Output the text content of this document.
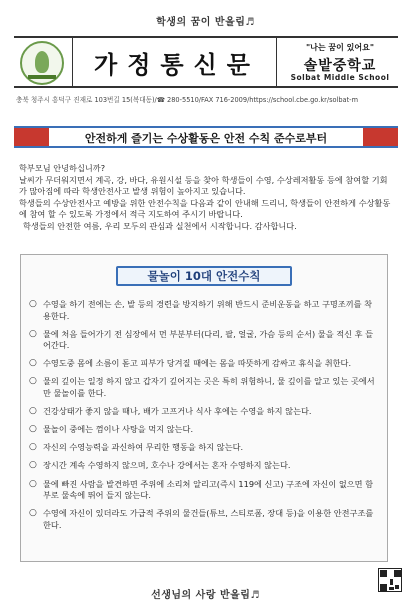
학생의 꿈이 반올림♬
가정통신문
"나는 꿈이 있어요"
솔밭중학교
Solbat Middle School
충북 청주시 흥덕구 진재로 103번길 15(복대동)/☎ 280-5510/FAX 716-2009/https://school.cbe.go.kr/solbat-m
안전하게 즐기는 수상활동은 안전 수칙 준수로부터

학부모님 안녕하십니까?

날씨가 무더워지면서 계곡, 강, 바다, 유원시설 등을 찾아 학생들이 수영, 수상레저활동 등에 참여할 기회가 많아짐에 따라 학생안전사고 발생 위험이 높아지고 있습니다.

학생들의 수상안전사고 예방을 위한 안전수칙을 다음과 같이 안내해 드리니, 학생들이 안전하게 수상활동에 참여 할 수 있도록 가정에서 적극 지도하여 주시기 바랍니다.

학생들의 안전한 여름, 우리 모두의 관심과 실천에서 시작합니다. 감사합니다.

물놀이 10대 안전수칙
○ 수영을 하기 전에는 손, 발 등의 경련을 방지하기 위해 반드시 준비운동을 하고 구명조끼를 착용한다.
○ 물에 처음 들어가기 전 심장에서 먼 부분부터(다리, 팔, 얼굴, 가슴 등의 순서) 물을 적신 후 들어간다.
○ 수영도중 몸에 소름이 돋고 피부가 당겨질 때에는 몸을 따뜻하게 감싸고 휴식을 취한다.
○ 물의 깊이는 일정 하지 않고 갑자기 깊어지는 곳은 특히 위험하니, 물 깊이를 알고 있는 곳에서만 물놀이를 한다.
○ 건강상태가 좋지 않을 때나, 배가 고프거나 식사 후에는 수영을 하지 않는다.
○ 물놀이 중에는 껌이나 사탕을 먹지 않는다.
○ 자신의 수영능력을 과신하여 무리한 행동을 하지 않는다.
○ 장시간 계속 수영하지 않으며, 호수나 강에서는 혼자 수영하지 않는다.
○ 물에 빠진 사람을 발견하면 주위에 소리쳐 알리고(즉시 119에 신고) 구조에 자신이 없으면 함부로 물속에 뛰어 들지 않는다.
○ 수영에 자신이 있더라도 가급적 주위의 물건들(튜브, 스티로폼, 장대 등)을 이용한 안전구조를 한다.
선생님의 사랑 반올림♬
